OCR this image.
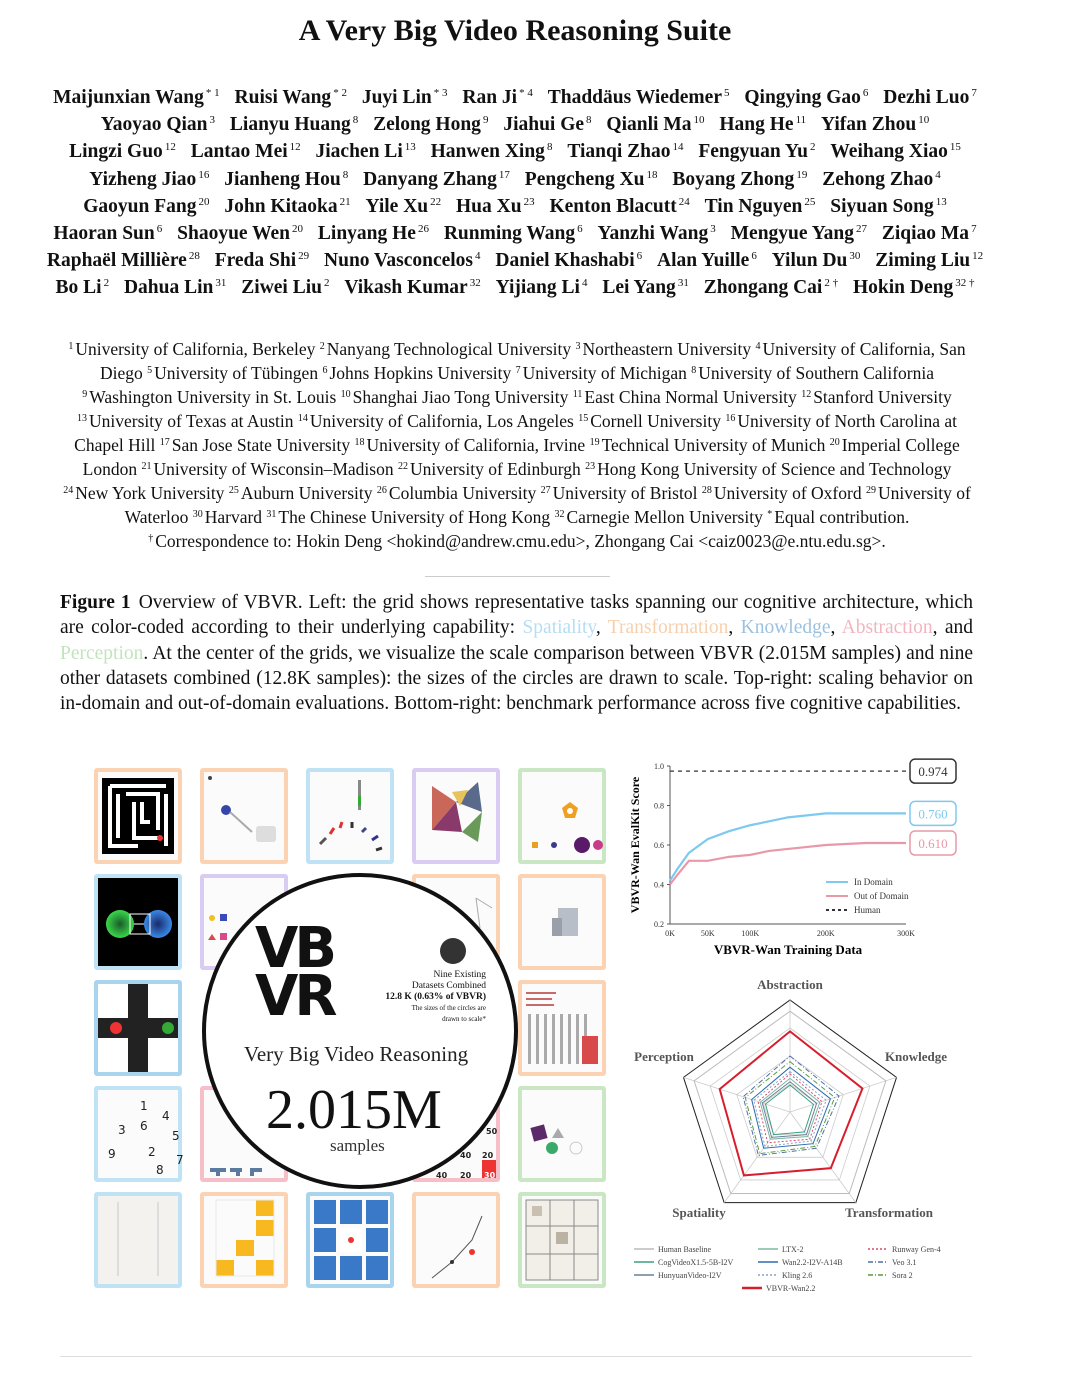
A Very Big Video Reasoning Suite
Maijunxian Wang $^{* 1}$ Ruisi Wang $^{* 2}$ Juyi Lin $^{* 3}$ Ran Ji $^{* 4}$ Thaddäus Wiedemer $^5$ Qingying Gao $^6$ Dezhi Luo $^7$ Yaoyao Qian $^3$ Lianyu Huang $^8$ Zelong Hong $^9$ Jiahui Ge $^8$ Qianli Ma $^{10}$ Hang He $^{11}$ Yifan Zhou $^{10}$ Lingzi Guo $^{12}$ Lantao Mei $^{12}$ Jiachen Li $^{13}$ Hanwen Xing $^8$ Tianqi Zhao $^{14}$ Fengyuan Yu $^2$ Weihang Xiao $^{15}$ Yizheng Jiao $^{16}$ Jianheng Hou $^8$ Danyang Zhang $^{17}$ Pengcheng Xu $^{18}$ Boyang Zhong $^{19}$ Zehong Zhao $^4$ Gaoyun Fang $^{20}$ John Kitaoka $^{21}$ Yile Xu $^{22}$ Hua Xu $^{23}$ Kenton Blacutt $^{24}$ Tin Nguyen $^{25}$ Siyuan Song $^{13}$ Haoran Sun $^6$ Shaoyue Wen $^{20}$ Linyang He $^{26}$ Runming Wang $^6$ Yanzhi Wang $^3$ Mengyue Yang $^{27}$ Ziqiao Ma $^7$ Raphaël Millière $^{28}$ Freda Shi $^{29}$ Nuno Vasconcelos $^4$ Daniel Khashabi $^6$ Alan Yuille $^6$ Yilun Du $^{30}$ Ziming Liu $^{12}$ Bo Li $^2$ Dahua Lin $^{31}$ Ziwei Liu $^2$ Vikash Kumar $^{32}$ Yijiang Li $^4$ Lei Yang $^{31}$ Zhongang Cai $^{2 \dagger}$ Hokin Deng $^{32 \dagger}$
$^1$ University of California, Berkeley $^2$ Nanyang Technological University $^3$ Northeastern University $^4$ University of California, San Diego $^5$ University of Tübingen $^6$ Johns Hopkins University $^7$ University of Michigan $^8$ University of Southern California $^9$ Washington University in St. Louis $^{10}$ Shanghai Jiao Tong University $^{11}$ East China Normal University $^{12}$ Stanford University $^{13}$ University of Texas at Austin $^{14}$ University of California, Los Angeles $^{15}$ Cornell University $^{16}$ University of North Carolina at Chapel Hill $^{17}$ San Jose State University $^{18}$ University of California, Irvine $^{19}$ Technical University of Munich $^{20}$ Imperial College London $^{21}$ University of Wisconsin–Madison $^{22}$ University of Edinburgh $^{23}$ Hong Kong University of Science and Technology $^{24}$ New York University $^{25}$ Auburn University $^{26}$ Columbia University $^{27}$ University of Bristol $^{28}$ University of Oxford $^{29}$ University of Waterloo $^{30}$ Harvard $^{31}$ The Chinese University of Hong Kong $^{32}$ Carnegie Mellon University * Equal contribution.
† Correspondence to: Hokin Deng <hokind@andrew.cmu.edu>, Zhongang Cai <caiz0023@e.ntu.edu.sg>.
Figure 1 Overview of VBVR. Left: the grid shows representative tasks spanning our cognitive architecture, which are color-coded according to their underlying capability: Spatiality, Transformation, Knowledge, Abstraction, and Perception. At the center of the grids, we visualize the scale comparison between VBVR (2.015M samples) and nine other datasets combined (12.8K samples): the sizes of the circles are drawn to scale. Top-right: scaling behavior on in-domain and out-of-domain evaluations. Bottom-right: benchmark performance across five cognitive capabilities.
1
4
3 6
5
9	2
7
8
50
40 20
40 20 30
VB
VR	Nine Existing
Datasets Combined
12.8 K (0.63% of VBVR)
The sizes of the circles are
drawn to scale*
Very Big Video Reasoning
2.015M
samples
0.2
0.4
0.6
0.8
1.0
0K	50K	100K	200K	300K
0.974
0.760
0.610
In Domain
Out of Domain
Human
VBVR-Wan Training Data
VBVR-Wan EvalKit Score
Abstraction
Knowledge
Transformation
Spatiality
Perception
Human Baseline
CogVideoX1.5-5B-I2V
HunyuanVideo-I2V
LTX-2
Wan2.2-I2V-A14B
Kling 2.6
Runway Gen-4
Veo 3.1
Sora 2
VBVR-Wan2.2
